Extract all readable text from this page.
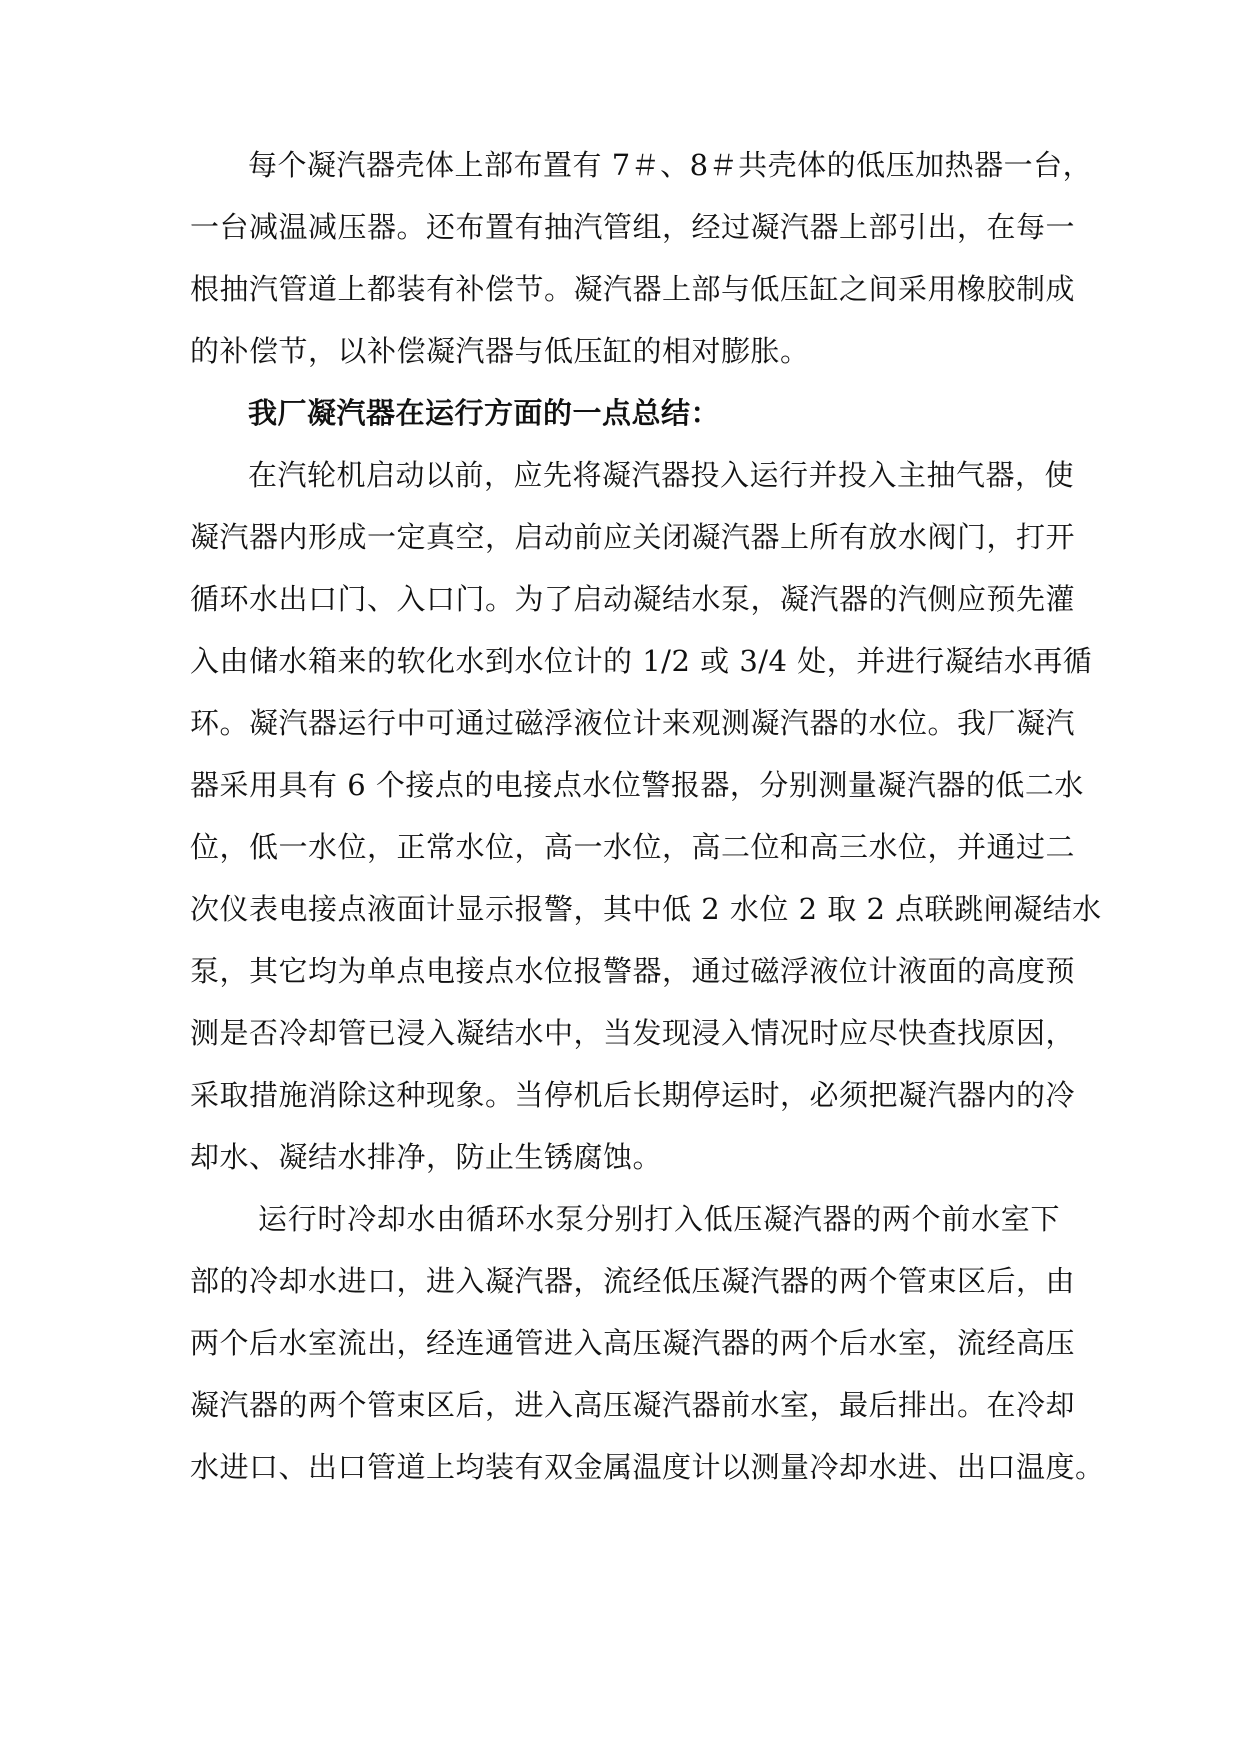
每个凝汽器壳体上部布置有 7＃、8＃共壳体的低压加热器一台，
一台减温减压器。还布置有抽汽管组，经过凝汽器上部引出，在每一
根抽汽管道上都装有补偿节。凝汽器上部与低压缸之间采用橡胶制成
的补偿节，以补偿凝汽器与低压缸的相对膨胀。
我厂凝汽器在运行方面的一点总结：
在汽轮机启动以前，应先将凝汽器投入运行并投入主抽气器，使
凝汽器内形成一定真空，启动前应关闭凝汽器上所有放水阀门，打开
循环水出口门、入口门。为了启动凝结水泵，凝汽器的汽侧应预先灌
入由储水箱来的软化水到水位计的 1/2 或 3/4 处，并进行凝结水再循
环。凝汽器运行中可通过磁浮液位计来观测凝汽器的水位。我厂凝汽
器采用具有 6 个接点的电接点水位警报器，分别测量凝汽器的低二水
位，低一水位，正常水位，高一水位，高二位和高三水位，并通过二
次仪表电接点液面计显示报警，其中低 2 水位 2 取 2 点联跳闸凝结水
泵，其它均为单点电接点水位报警器，通过磁浮液位计液面的高度预
测是否冷却管已浸入凝结水中，当发现浸入情况时应尽快查找原因，
采取措施消除这种现象。当停机后长期停运时，必须把凝汽器内的冷
却水、凝结水排净，防止生锈腐蚀。
运行时冷却水由循环水泵分别打入低压凝汽器的两个前水室下
部的冷却水进口，进入凝汽器，流经低压凝汽器的两个管束区后，由
两个后水室流出，经连通管进入高压凝汽器的两个后水室，流经高压
凝汽器的两个管束区后，进入高压凝汽器前水室，最后排出。在冷却
水进口、出口管道上均装有双金属温度计以测量冷却水进、出口温度。
